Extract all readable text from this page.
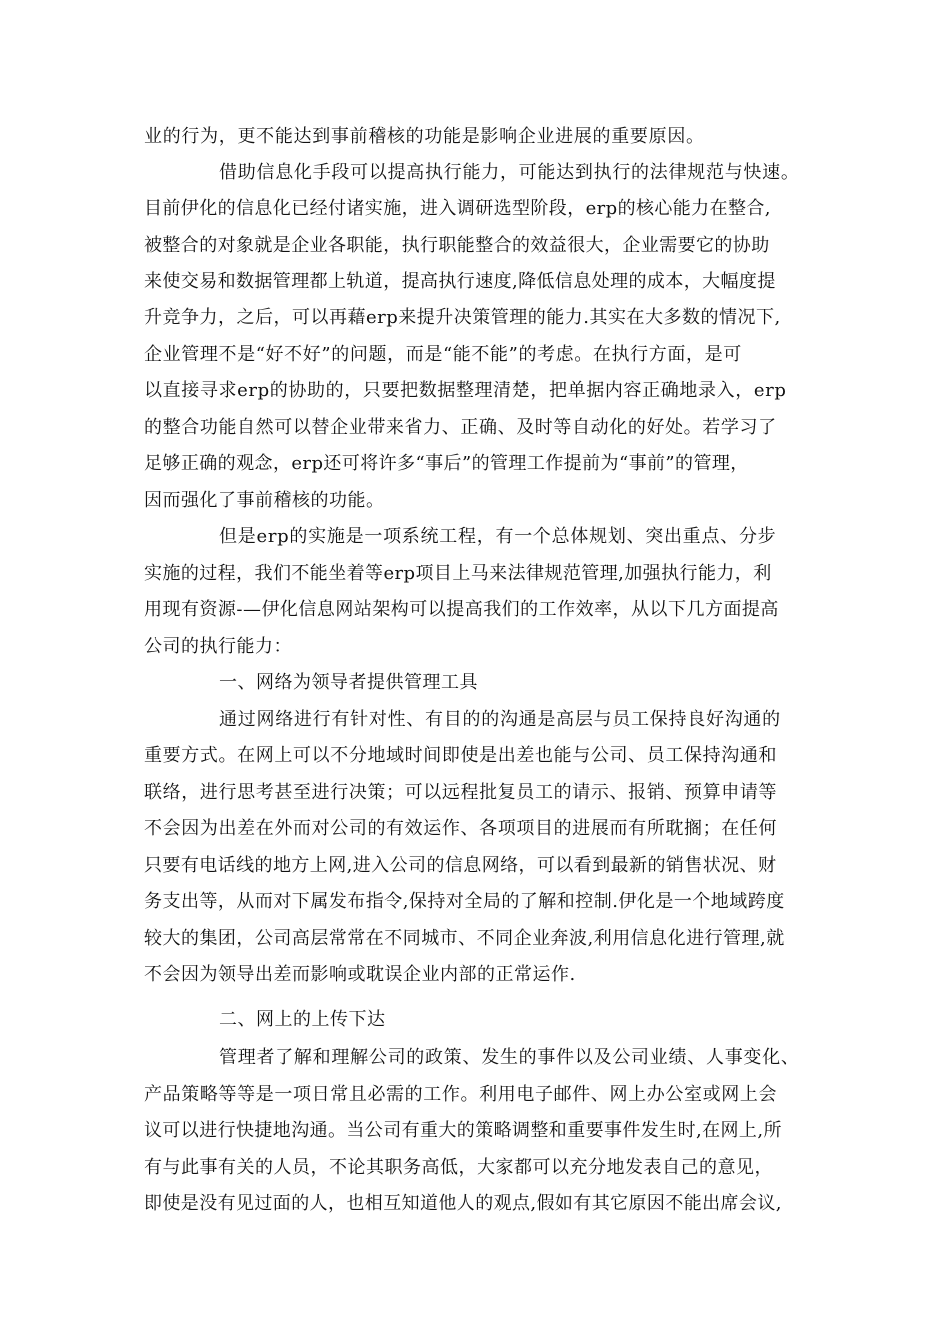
业的行为，更不能达到事前稽核的功能是影响企业进展的重要原因。
借助信息化手段可以提高执行能力，可能达到执行的法律规范与快速。
目前伊化的信息化已经付诸实施，进入调研选型阶段，erp的核心能力在整合,
被整合的对象就是企业各职能，执行职能整合的效益很大，企业需要它的协助
来使交易和数据管理都上轨道，提高执行速度,降低信息处理的成本，大幅度提
升竞争力，之后，可以再藉erp来提升决策管理的能力.其实在大多数的情况下,
企业管理不是“好不好”的问题，而是“能不能”的考虑。在执行方面，是可
以直接寻求erp的协助的，只要把数据整理清楚，把单据内容正确地录入，erp
的整合功能自然可以替企业带来省力、正确、及时等自动化的好处。若学习了
足够正确的观念，erp还可将许多“事后”的管理工作提前为“事前”的管理，
因而强化了事前稽核的功能。
但是erp的实施是一项系统工程，有一个总体规划、突出重点、分步
实施的过程，我们不能坐着等erp项目上马来法律规范管理,加强执行能力，利
用现有资源-—伊化信息网站架构可以提高我们的工作效率，从以下几方面提高
公司的执行能力：
一、网络为领导者提供管理工具
通过网络进行有针对性、有目的的沟通是高层与员工保持良好沟通的
重要方式。在网上可以不分地域时间即使是出差也能与公司、员工保持沟通和
联络，进行思考甚至进行决策；可以远程批复员工的请示、报销、预算申请等
不会因为出差在外而对公司的有效运作、各项项目的进展而有所耽搁；在任何
只要有电话线的地方上网,进入公司的信息网络，可以看到最新的销售状况、财
务支出等，从而对下属发布指令,保持对全局的了解和控制.伊化是一个地域跨度
较大的集团，公司高层常常在不同城市、不同企业奔波,利用信息化进行管理,就
不会因为领导出差而影响或耽误企业内部的正常运作.
二、网上的上传下达
管理者了解和理解公司的政策、发生的事件以及公司业绩、人事变化、
产品策略等等是一项日常且必需的工作。利用电子邮件、网上办公室或网上会
议可以进行快捷地沟通。当公司有重大的策略调整和重要事件发生时,在网上,所
有与此事有关的人员，不论其职务高低，大家都可以充分地发表自己的意见，
即使是没有见过面的人，也相互知道他人的观点,假如有其它原因不能出席会议,
